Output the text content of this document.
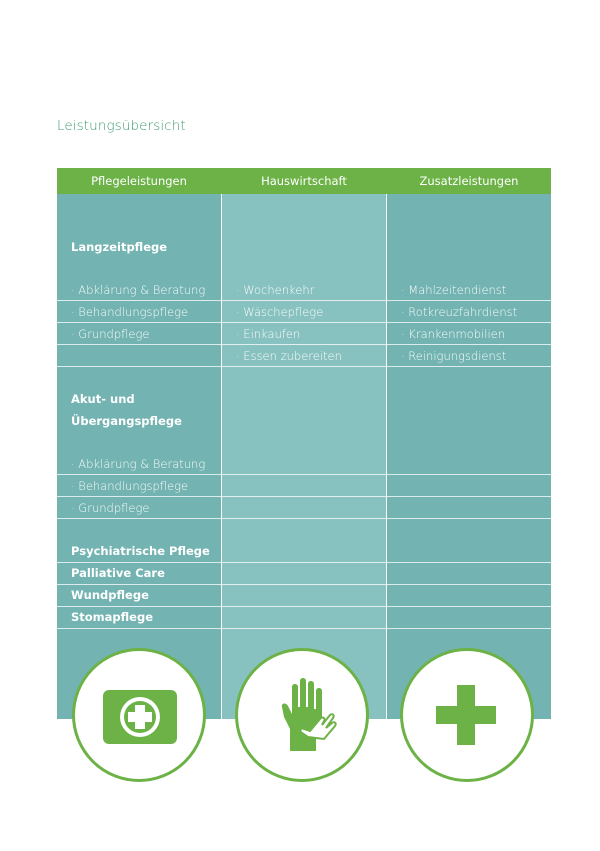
Leistungsübersicht
Pflegeleistungen	Hauswirtschaft	Zusatzleistungen
Langzeitpflege
· Abklärung & Beratung
· Behandlungspflege
· Grundpflege
Akut- und
Übergangspflege
· Abklärung & Beratung
· Behandlungspflege
· Grundpflege
Psychiatrische Pflege
Palliative Care
Wundpflege
Stomapflege
· Wochenkehr
· Wäschepflege
· Einkaufen
· Essen zubereiten
· Mahlzeitendienst
· Rotkreuzfahrdienst
· Krankenmobilien
· Reinigungsdienst
